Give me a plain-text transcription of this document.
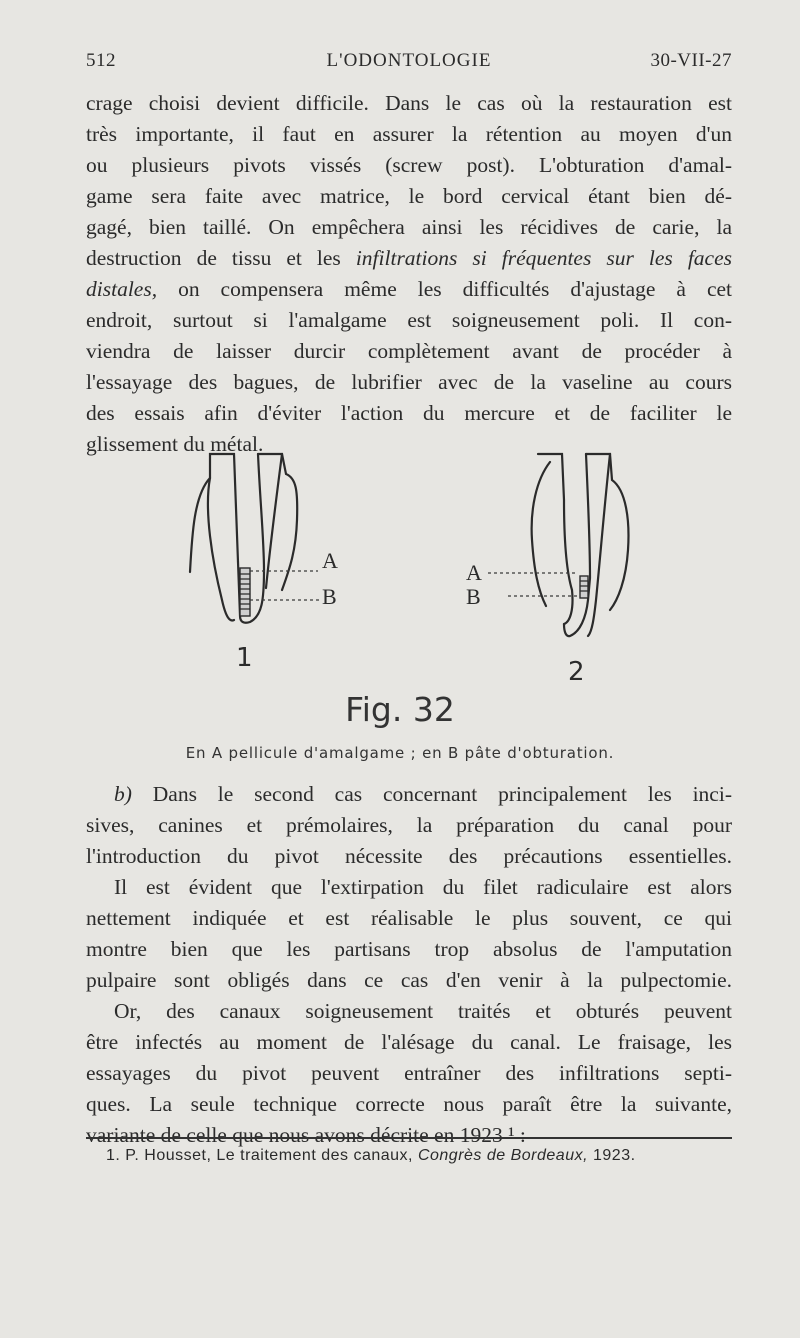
512	L'ODONTOLOGIE	30-VII-27
crage choisi devient difficile. Dans le cas où la restauration est
très importante, il faut en assurer la rétention au moyen d'un
ou plusieurs pivots vissés (screw post). L'obturation d'amal-
game sera faite avec matrice, le bord cervical étant bien dé-
gagé, bien taillé. On empêchera ainsi les récidives de carie, la
destruction de tissu et les infiltrations si fréquentes sur les faces
distales, on compensera même les difficultés d'ajustage à cet
endroit, surtout si l'amalgame est soigneusement poli. Il con-
viendra de laisser durcir complètement avant de procéder à
l'essayage des bagues, de lubrifier avec de la vaseline au cours
des essais afin d'éviter l'action du mercure et de faciliter le
glissement du métal.
A
B
A
B
1	2
Fig. 32
En A pellicule d'amalgame ; en B pâte d'obturation.
b) Dans le second cas concernant principalement les inci-
sives, canines et prémolaires, la préparation du canal pour
l'introduction du pivot nécessite des précautions essentielles.
Il est évident que l'extirpation du filet radiculaire est alors
nettement indiquée et est réalisable le plus souvent, ce qui
montre bien que les partisans trop absolus de l'amputation
pulpaire sont obligés dans ce cas d'en venir à la pulpectomie.
Or, des canaux soigneusement traités et obturés peuvent
être infectés au moment de l'alésage du canal. Le fraisage, les
essayages du pivot peuvent entraîner des infiltrations septi-
ques. La seule technique correcte nous paraît être la suivante,
variante de celle que nous avons décrite en 1923 ¹ :
1. P. Housset, Le traitement des canaux, Congrès de Bordeaux, 1923.
